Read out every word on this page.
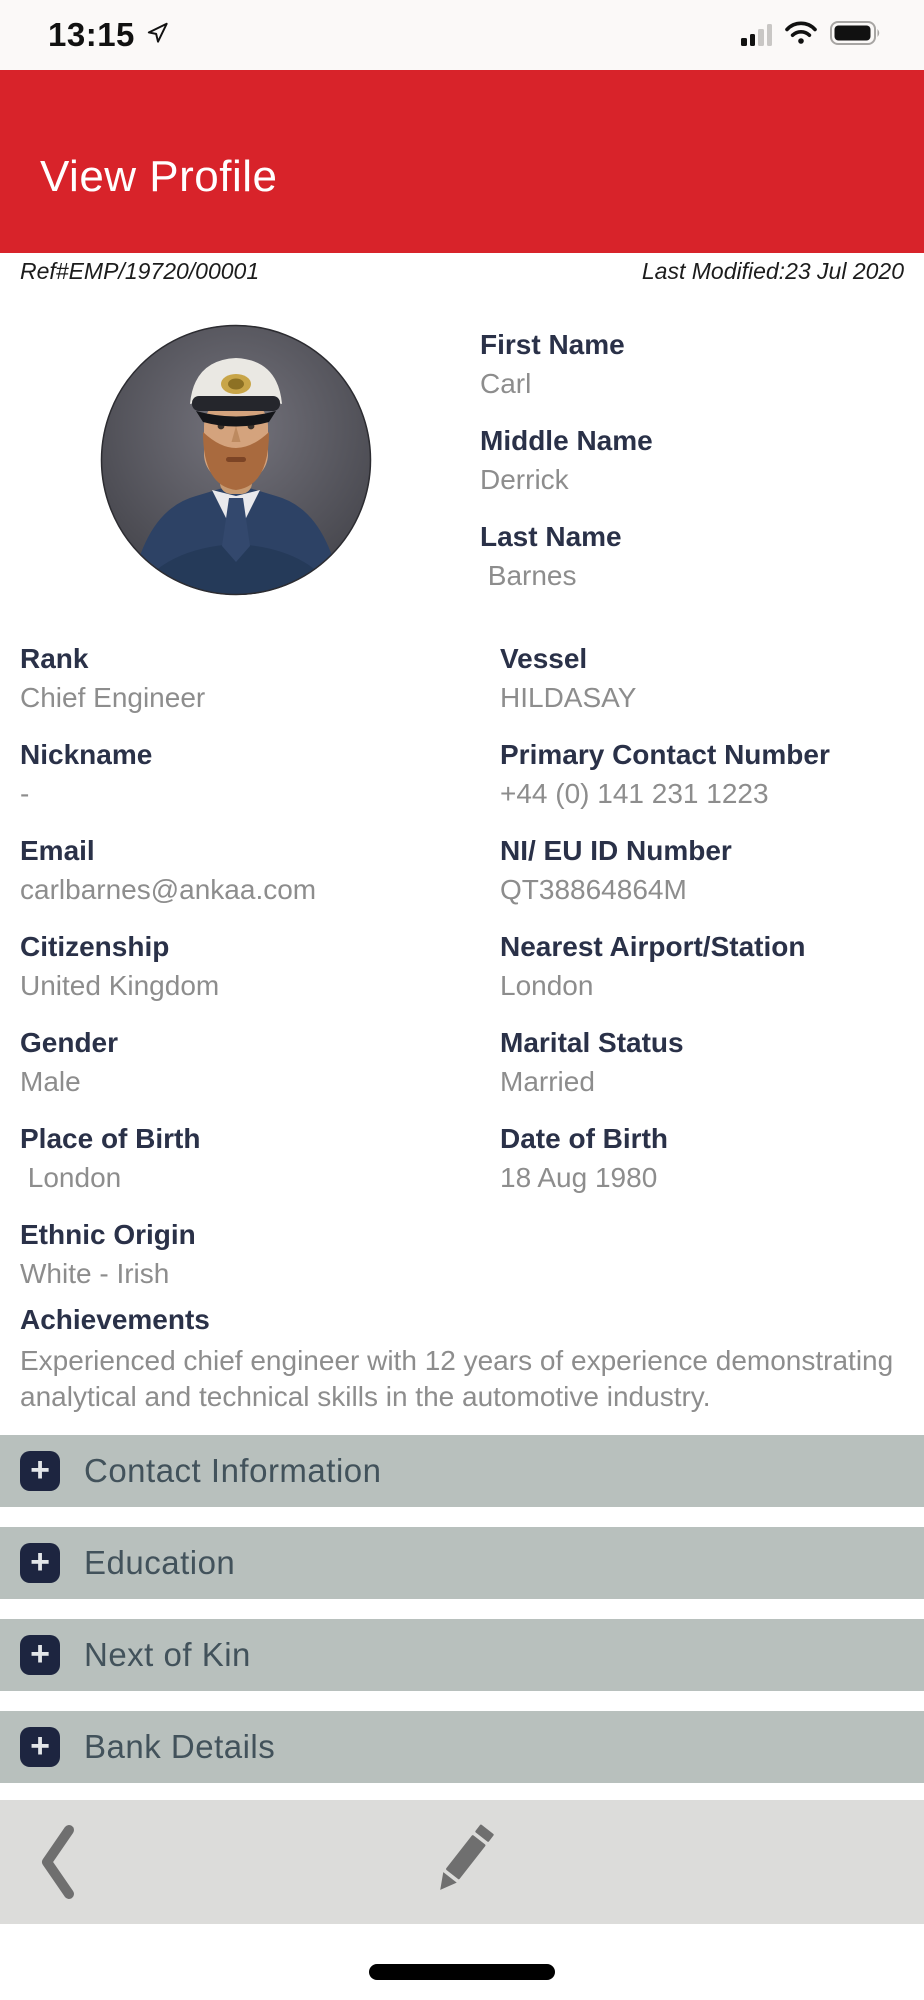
13:15
View Profile
Ref#EMP/19720/00001	Last Modified:23 Jul 2020
First Name
Carl
Middle Name
Derrick
Last Name
Barnes
Rank
Chief Engineer
Vessel
HILDASAY
Nickname
-
Primary Contact Number
+44 (0) 141 231 1223
Email
carlbarnes@ankaa.com
NI/ EU ID Number
QT38864864M
Citizenship
United Kingdom
Nearest Airport/Station
London
Gender
Male
Marital Status
Married
Place of Birth
London
Date of Birth
18 Aug 1980
Ethnic Origin
White - Irish
Achievements
Experienced chief engineer with 12 years of experience demonstrating analytical and technical skills in the automotive industry.
+ Contact Information
+ Education
+ Next of Kin
+ Bank Details
